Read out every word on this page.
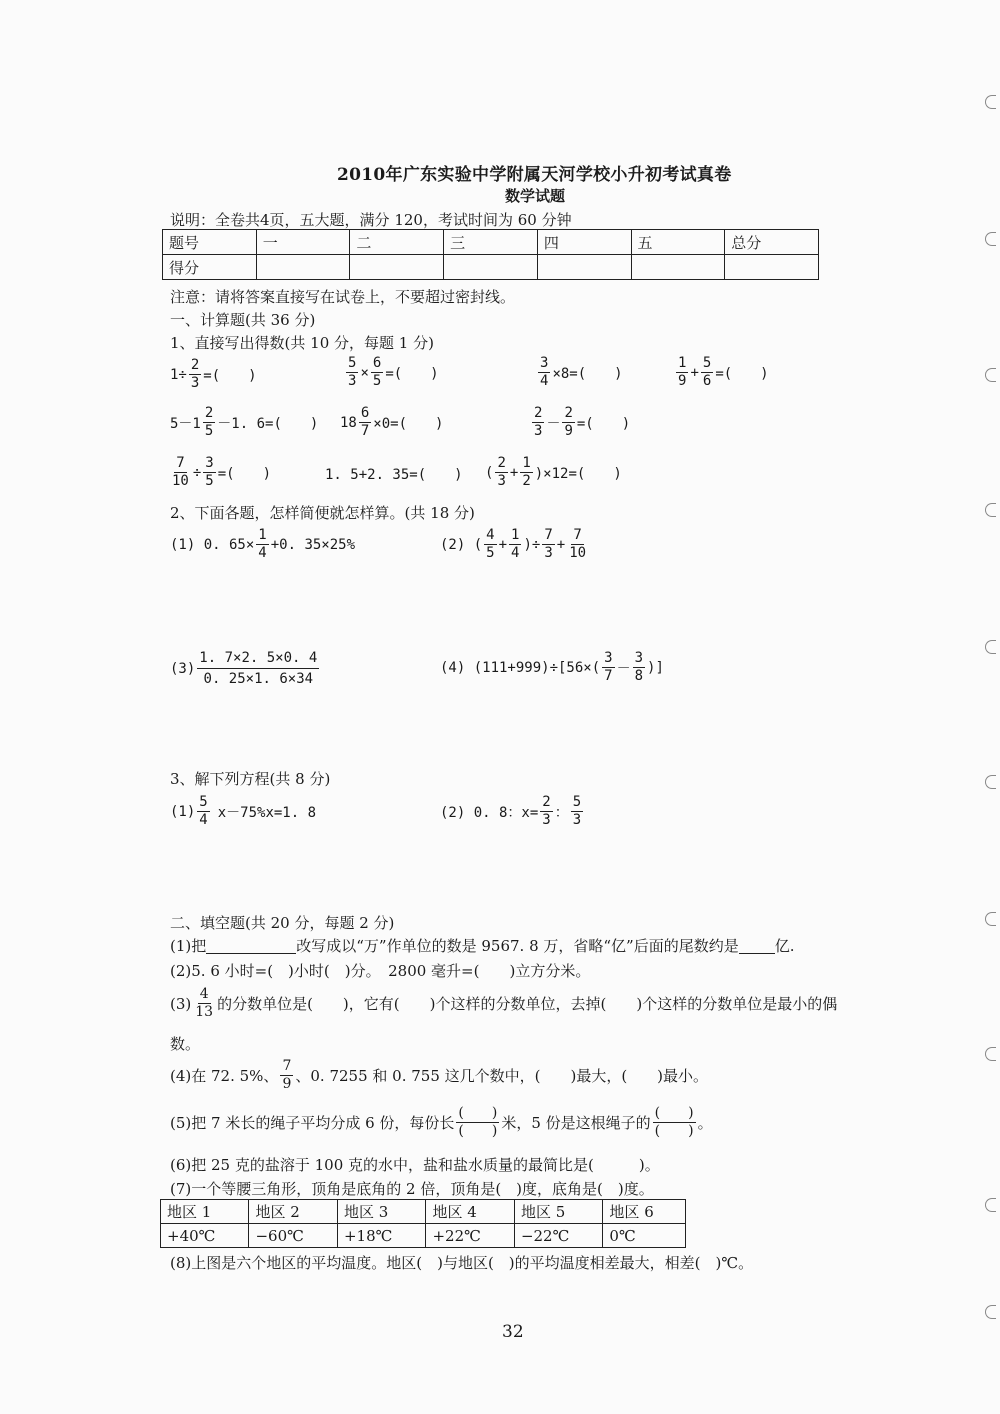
2010年广东实验中学附属天河学校小升初考试真卷
数学试题
说明：全卷共4页，五大题，满分 120，考试时间为 60 分钟
题号	一	二	三	四	五	总分
得分						
注意：请将答案直接写在试卷上，不要超过密封线。
一、计算题(共 36 分)
1、直接写出得数(共 10 分，每题 1 分)
$1\div \frac{2}{3}$ =(　　)	$\frac{5}{3} \times \frac{6}{5}$ =(　　)	$\frac{3}{4} \times 8=$(　　)	$\frac{1}{9} + \frac{5}{6}$ =(　　)
$5-1 \frac{2}{5} -1$. 6=(　　) $18 \frac{6}{7} \times 0=$(　　)	$\frac{2}{3} - \frac{2}{9}$ =(　　)
$\frac{7}{10} \div \frac{3}{5}$ =(　　)	1. 5+2. 35=(　　) ( $\frac{2}{3} + \frac{1}{2} )\times 12=$(　　)
2、下面各题，怎样简便就怎样算。(共 18 分)
(1) 0. $65\times \frac{1}{4} +0$. 35×25%	(2) ( $\frac{4}{5} + \frac{1}{4}$ )÷ $\frac{7}{3} + \frac{7}{10}$
$(3) \frac{1. 7\times 2. 5\times 0. 4}{0. 25\times 1. 6\times 34}$	(4) $(111+999)\div[56\times( \frac{3}{7} - \frac{3}{8}$ )]
3、解下列方程(共 8 分)
$(1) \frac{5}{4} x-75\%x=1$. 8	(2) 0. 8：$x= \frac{2}{3}$ ： $\frac{5}{3}$
二、填空题(共 20 分，每题 2 分)
(1)把	改写成以“万”作单位的数是 9567. 8 万，省略“亿”后面的尾数约是 亿.
(2)5. 6 小时=(　)小时(　)分。　2800 毫升=(　　)立方分米。
$(3) \frac{4}{13}$ 的分数单位是(　　)，它有(　　)个这样的分数单位，去掉(　　)个这样的分数单位是最小的偶
数。
(4)在 72. 5%、 $\frac{7}{9}$ 、0. 7255 和 0. 755 这几个数中，(　　)最大，(　　)最小。
(5)把 7 米长的绳子平均分成 6 份，每份长 $\frac{( )}{( )}$ 米，5 份是这根绳子的 $\frac{( )}{( )}$ 。
(6)把 25 克的盐溶于 100 克的水中，盐和盐水质量的最简比是(　　　)。
(7)一个等腰三角形，顶角是底角的 2 倍，顶角是(　)度，底角是(　)度。
地区 1	地区 2	地区 3	地区 4	地区 5	地区 6
+40℃	−60℃	+18℃	+22℃	−22℃	0℃
(8)上图是六个地区的平均温度。地区(　)与地区(　)的平均温度相差最大，相差(　)℃。
32
